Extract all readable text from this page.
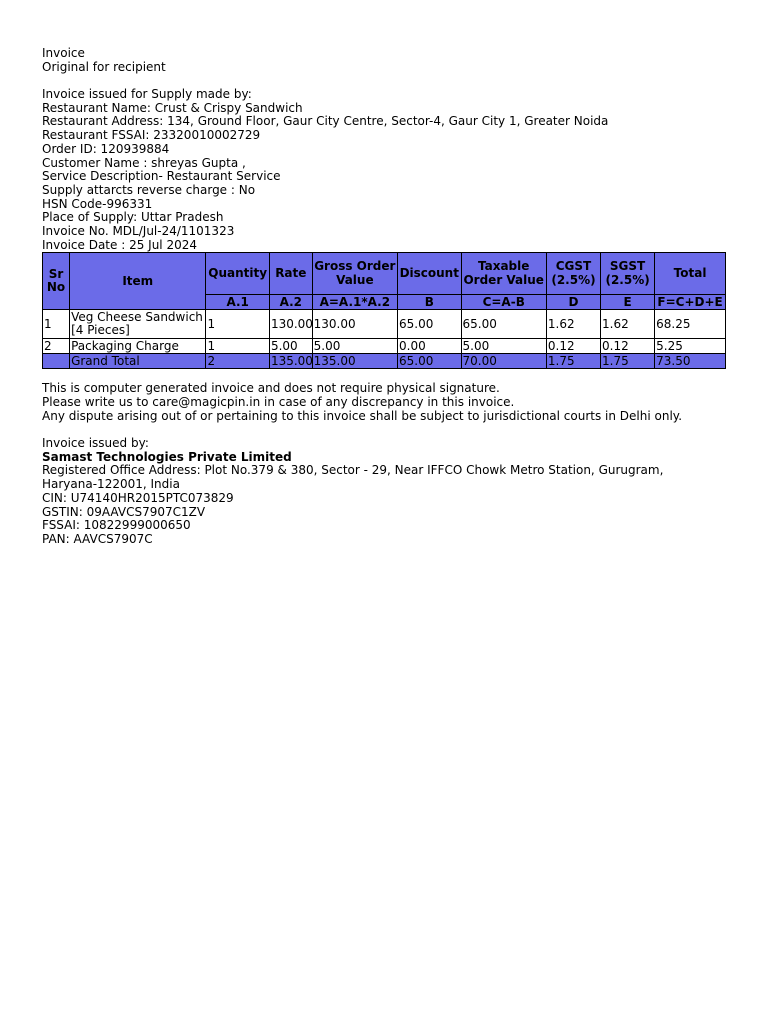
Invoice
Original for recipient
Invoice issued for Supply made by:
Restaurant Name: Crust & Crispy Sandwich
Restaurant Address: 134, Ground Floor, Gaur City Centre, Sector-4, Gaur City 1, Greater Noida
Restaurant FSSAI: 23320010002729
Order ID: 120939884
Customer Name : shreyas Gupta ,
Service Description- Restaurant Service
Supply attarcts reverse charge : No
HSN Code-996331
Place of Supply: Uttar Pradesh
Invoice No. MDL/Jul-24/1101323
Invoice Date : 25 Jul 2024
Sr No	Item	Quantity	Rate	Gross Order Value	Discount	Taxable Order Value	CGST (2.5%)	SGST (2.5%)	Total
		A.1	A.2	A=A.1*A.2	B	C=A-B	D	E	F=C+D+E
1	Veg Cheese Sandwich [4 Pieces]	1	130.00	130.00	65.00	65.00	1.62	1.62	68.25
2	Packaging Charge	1	5.00	5.00	0.00	5.00	0.12	0.12	5.25
	Grand Total	2	135.00	135.00	65.00	70.00	1.75	1.75	73.50
This is computer generated invoice and does not require physical signature.
Please write us to care@magicpin.in in case of any discrepancy in this invoice.
Any dispute arising out of or pertaining to this invoice shall be subject to jurisdictional courts in Delhi only.
Invoice issued by:
Samast Technologies Private Limited
Registered Office Address: Plot No.379 & 380, Sector - 29, Near IFFCO Chowk Metro Station, Gurugram,
Haryana-122001, India
CIN: U74140HR2015PTC073829
GSTIN: 09AAVCS7907C1ZV
FSSAI: 10822999000650
PAN: AAVCS7907C
